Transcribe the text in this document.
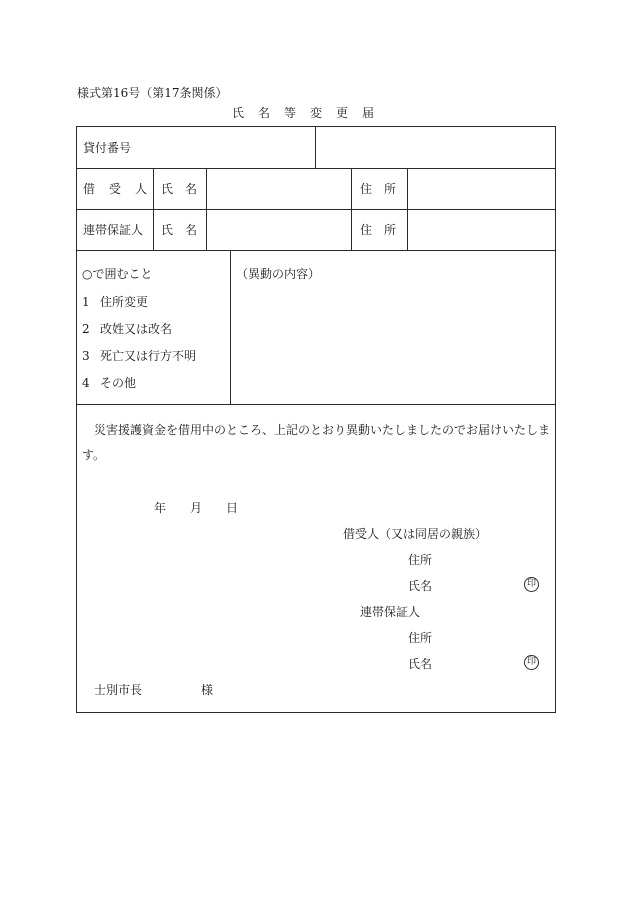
様式第16号（第17条関係）
氏　名　等　変　更　届
貸付番号
借　受　人 氏　名	住　所
連帯保証人 氏　名	住　所
○で囲むこと
1 住所変更
2 改姓又は改名
3 死亡又は行方不明
4 その他
（異動の内容）
災害援護資金を借用中のところ、上記のとおり異動いたしましたのでお届けいたしま
す。
年 月 日
借受人（又は同居の親族）
住所
氏名	印
連帯保証人
住所
氏名	印
士別市長	様
